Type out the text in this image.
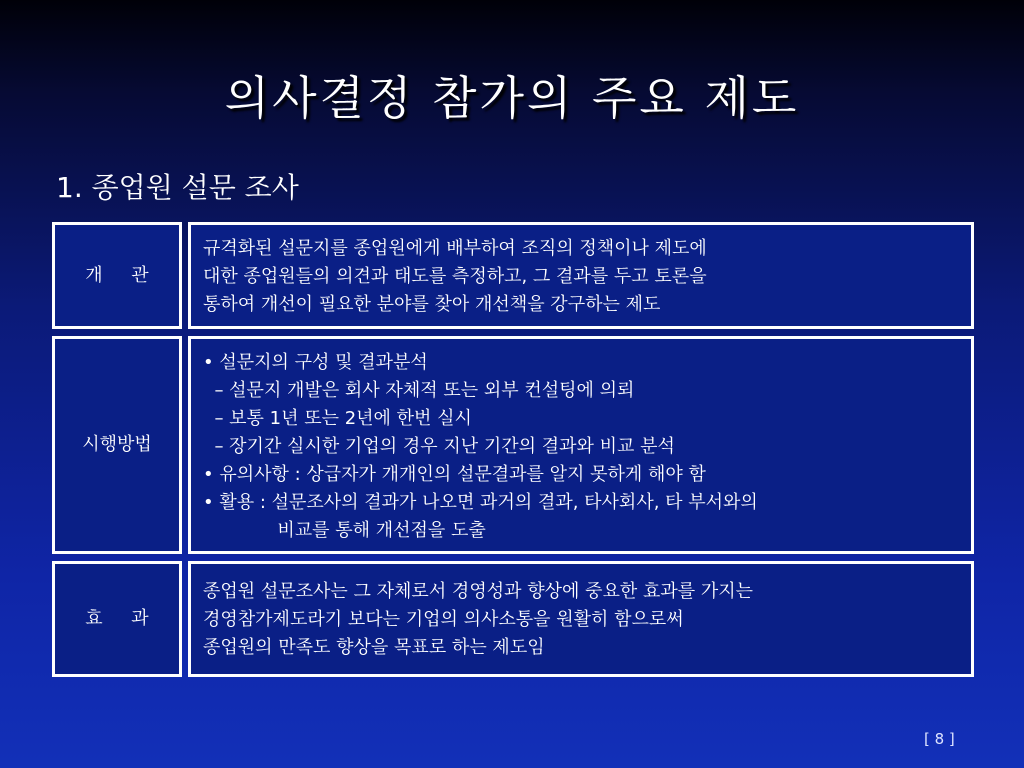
의사결정 참가의 주요 제도
1. 종업원 설문 조사
개     관
규격화된 설문지를 종업원에게 배부하여 조직의 정책이나 제도에
대한 종업원들의 의견과 태도를 측정하고, 그 결과를 두고 토론을
통하여 개선이 필요한 분야를 찾아 개선책을 강구하는 제도
시행방법
• 설문지의 구성 및 결과분석
– 설문지 개발은 회사 자체적 또는 외부 컨설팅에 의뢰
– 보통 1년 또는 2년에 한번 실시
– 장기간 실시한 기업의 경우 지난 기간의 결과와 비교 분석
• 유의사항 : 상급자가 개개인의 설문결과를 알지 못하게 해야 함
• 활용 : 설문조사의 결과가 나오면 과거의 결과, 타사회사, 타 부서와의
비교를 통해 개선점을 도출
효     과
종업원 설문조사는 그 자체로서 경영성과 향상에 중요한 효과를 가지는
경영참가제도라기 보다는 기업의 의사소통을 원활히 함으로써
종업원의 만족도 향상을 목표로 하는 제도임
[ 8 ]
